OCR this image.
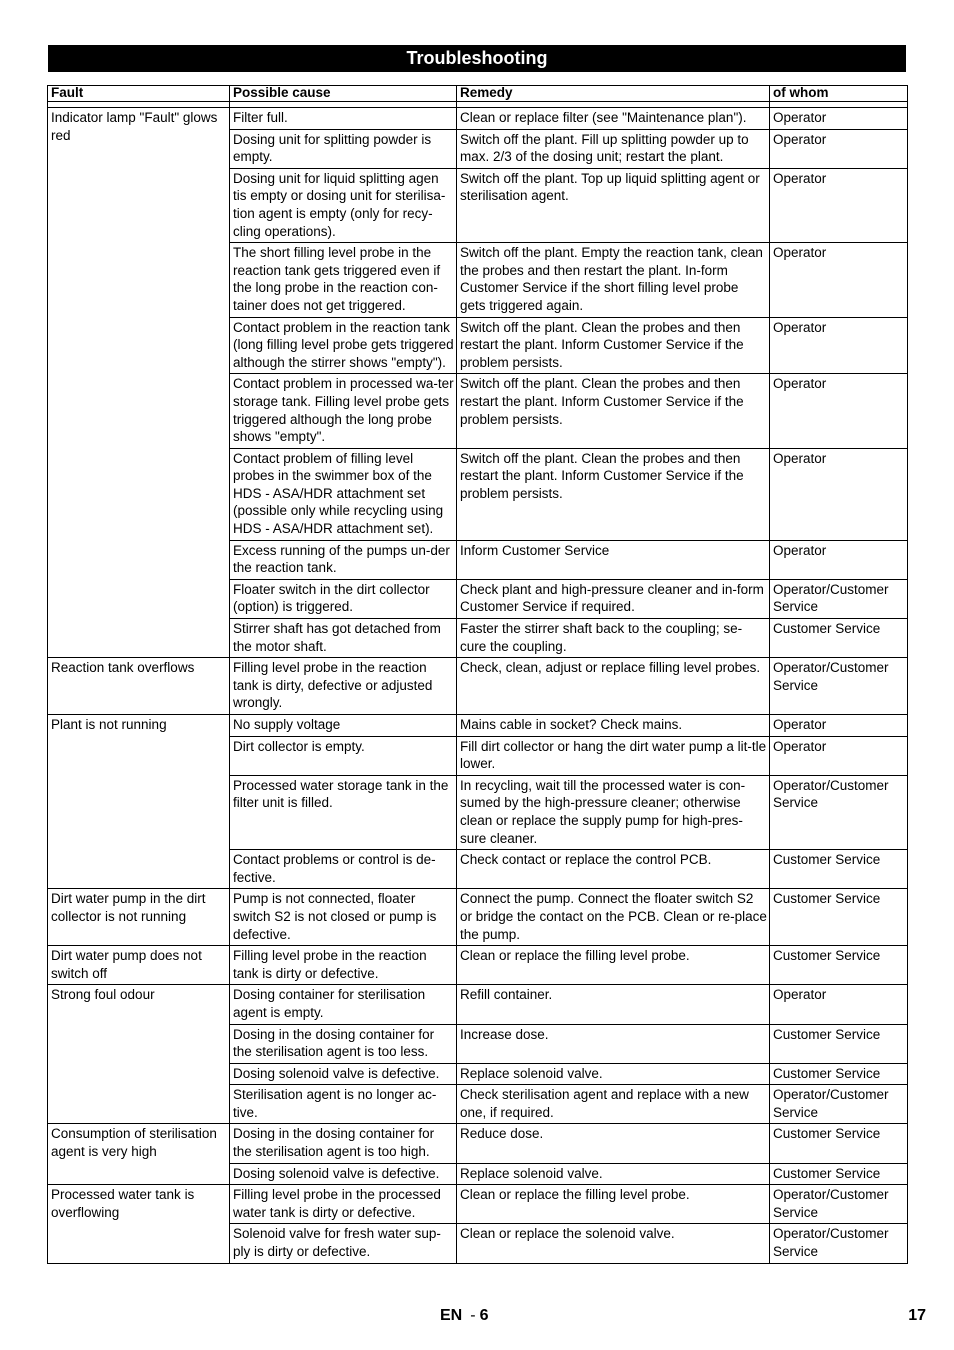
Troubleshooting
Fault	Possible cause	Remedy	of whom

Indicator lamp "Fault" glows red	Filter full.	Clean or replace filter (see "Maintenance plan").	Operator
	Dosing unit for splitting powder is empty.	Switch off the plant. Fill up splitting powder up to max. 2/3 of the dosing unit; restart the plant.	Operator
	Dosing unit for liquid splitting agen tis empty or dosing unit for sterilisa-tion agent is empty (only for recy-cling operations).	Switch off the plant. Top up liquid splitting agent or sterilisation agent.	Operator
	The short filling level probe in the reaction tank gets triggered even if the long probe in the reaction con-tainer does not get triggered.	Switch off the plant. Empty the reaction tank, clean the probes and then restart the plant. In-form Customer Service if the short filling level probe gets triggered again.	Operator
	Contact problem in the reaction tank (long filling level probe gets triggered although the stirrer shows "empty").	Switch off the plant. Clean the probes and then restart the plant. Inform Customer Service if the problem persists.	Operator
	Contact problem in processed wa-ter storage tank. Filling level probe gets triggered although the long probe shows "empty".	Switch off the plant. Clean the probes and then restart the plant. Inform Customer Service if the problem persists.	Operator
	Contact problem of filling level probes in the swimmer box of the HDS - ASA/HDR attachment set (possible only while recycling using HDS - ASA/HDR attachment set).	Switch off the plant. Clean the probes and then restart the plant. Inform Customer Service if the problem persists.	Operator
	Excess running of the pumps un-der the reaction tank.	Inform Customer Service	Operator
	Floater switch in the dirt collector (option) is triggered.	Check plant and high-pressure cleaner and in-form Customer Service if required.	Operator/Customer Service
	Stirrer shaft has got detached from the motor shaft.	Faster the stirrer shaft back to the coupling; se-cure the coupling.	Customer Service
Reaction tank overflows	Filling level probe in the reaction tank is dirty, defective or adjusted wrongly.	Check, clean, adjust or replace filling level probes.	Operator/Customer Service
Plant is not running	No supply voltage	Mains cable in socket? Check mains.	Operator
	Dirt collector is empty.	Fill dirt collector or hang the dirt water pump a lit-tle lower.	Operator
	Processed water storage tank in the filter unit is filled.	In recycling, wait till the processed water is con-sumed by the high-pressure cleaner; otherwise clean or replace the supply pump for high-pres-sure cleaner.	Operator/Customer Service
	Contact problems or control is de-fective.	Check contact or replace the control PCB.	Customer Service
Dirt water pump in the dirt collector is not running	Pump is not connected, floater switch S2 is not closed or pump is defective.	Connect the pump. Connect the floater switch S2 or bridge the contact on the PCB. Clean or re-place the pump.	Customer Service
Dirt water pump does not switch off	Filling level probe in the reaction tank is dirty or defective.	Clean or replace the filling level probe.	Customer Service
Strong foul odour	Dosing container for sterilisation agent is empty.	Refill container.	Operator
	Dosing in the dosing container for the sterilisation agent is too less.	Increase dose.	Customer Service
	Dosing solenoid valve is defective.	Replace solenoid valve.	Customer Service
	Sterilisation agent is no longer ac-tive.	Check sterilisation agent and replace with a new one, if required.	Operator/Customer Service
Consumption of sterilisation agent is very high	Dosing in the dosing container for the sterilisation agent is too high.	Reduce dose.	Customer Service
	Dosing solenoid valve is defective.	Replace solenoid valve.	Customer Service
Processed water tank is overflowing	Filling level probe in the processed water tank is dirty or defective.	Clean or replace the filling level probe.	Operator/Customer Service
	Solenoid valve for fresh water sup-ply is dirty or defective.	Clean or replace the solenoid valve.	Operator/Customer Service
EN - 6	17
